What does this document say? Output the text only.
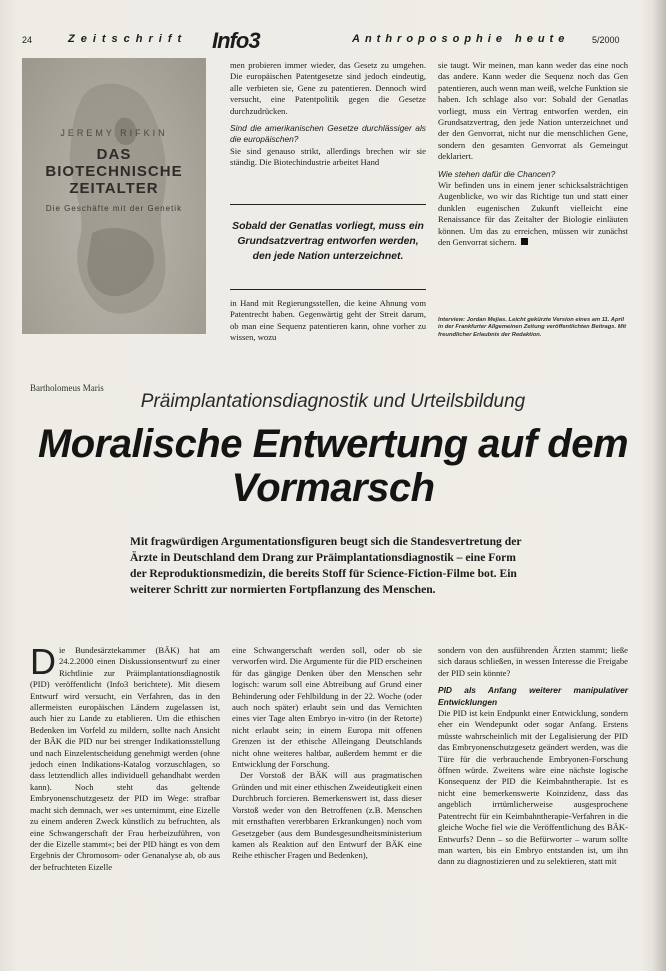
24	Zeitschrift Info3	Anthroposophie heute	5/2000
JEREMY RIFKIN
DAS
BIOTECHNISCHE
ZEITALTER
Die Geschäfte mit der Genetik

men probieren immer wieder, das Gesetz zu umgehen. Die europäischen Patentgesetze sind jedoch eindeutig, alle verbieten sie, Gene zu patentieren. Dennoch wird versucht, eine Patentpolitik gegen die Gesetze durchzudrücken.

Sind die amerikanischen Gesetze durchlässiger als die europäischen?

Sie sind genauso strikt, allerdings brechen wir sie ständig. Die Biotechindustrie arbeitet Hand

Sobald der Genatlas vorliegt, muss ein Grundsatzvertrag entworfen werden, den jede Nation unterzeichnet.

in Hand mit Regierungsstellen, die keine Ahnung vom Patentrecht haben. Gegenwärtig geht der Streit darum, ob man eine Sequenz patentieren kann, ohne vorher zu wissen, wozu

sie taugt. Wir meinen, man kann weder das eine noch das andere. Kann weder die Sequenz noch das Gen patentieren, auch wenn man weiß, welche Funktion sie haben. Ich schlage also vor: Sobald der Genatlas vorliegt, muss ein Vertrag entworfen werden, ein Grundsatzvertrag, den jede Nation unterzeichnet und der den Genvorrat, nicht nur die menschlichen Gene, sondern den gesamten Genvorrat als Gemeingut deklariert.

Wie stehen dafür die Chancen?

Wir befinden uns in einem jener schicksalsträchtigen Augenblicke, wo wir das Richtige tun und statt einer dunklen eugenischen Zukunft vielleicht eine Renaissance für das Zeitalter der Biologie einläuten können. Um das zu erreichen, müssen wir zunächst den Genvorrat sichern.

Interview: Jordan Mejias. Leicht gekürzte Version eines am 11. April in der Frankfurter Allgemeinen Zeitung veröffentlichten Beitrags. Mit freundlicher Erlaubnis der Redaktion.
Bartholomeus Maris
Präimplantationsdiagnostik und Urteilsbildung
Moralische Entwertung auf dem
Vormarsch
Mit fragwürdigen Argumentationsfiguren beugt sich die Standesvertretung der Ärzte in Deutschland dem Drang zur Präimplantationsdiagnostik – eine Form der Reproduktionsmedizin, die bereits Stoff für Science-Fiction-Filme bot. Ein weiterer Schritt zur normierten Fortpflanzung des Menschen.
D ie Bundesärztekammer (BÄK) hat am 24.2.2000 einen Diskussionsentwurf zu einer Richtlinie zur Präimplantationsdiagnostik (PID) veröffentlicht (Info3 berichtete). Mit diesem Entwurf wird versucht, ein Verfahren, das in den allermeisten europäischen Ländern zugelassen ist, auch hier zu Lande zu etablieren. Um die ethischen Bedenken im Vorfeld zu mildern, sollte nach Ansicht der BÄK die PID nur bei strenger Indikationsstellung und nach Einzelentscheidung genehmigt werden (ohne jedoch einen Indikations-Katalog vorzuschlagen, so dass letztendlich alles individuell gehandhabt werden kann). Noch steht das geltende Embryonenschutzgesetz der PID im Wege: strafbar macht sich demnach, wer »es unternimmt, eine Eizelle zu einem anderen Zweck künstlich zu befruchten, als eine Schwangerschaft der Frau herbeizuführen, von der die Eizelle stammt«; bei der PID hängt es von dem Ergebnis der Chromosom- oder Genanalyse ab, ob aus der befruchteten Eizelle

eine Schwangerschaft werden soll, oder ob sie verworfen wird. Die Argumente für die PID erscheinen für das gängige Denken über den Menschen sehr logisch: warum soll eine Abtreibung auf Grund einer Behinderung oder Fehlbildung in der 22. Woche (oder auch noch später) erlaubt sein und das Vernichten eines vier Tage alten Embryo in-vitro (in der Retorte) nicht erlaubt sein; in einem Europa mit offenen Grenzen ist der ethische Alleingang Deutschlands nicht ohne weiteres haltbar, außerdem hemmt er die Entwicklung der Forschung.

Der Vorstoß der BÄK will aus pragmatischen Gründen und mit einer ethischen Zweideutigkeit einen Durchbruch forcieren. Bemerkenswert ist, dass dieser Vorstoß weder von den Betroffenen (z.B. Menschen mit ernsthaften vererbbaren Erkrankungen) noch vom Gesetzgeber (aus dem Bundesgesundheitsministerium kamen als Reaktion auf den Entwurf der BÄK eine Reihe ethischer Fragen und Bedenken),

sondern von den ausführenden Ärzten stammt; ließe sich daraus schließen, in wessen Interesse die Freigabe der PID sein könnte?

PID als Anfang weiterer manipulativer Entwicklungen

Die PID ist kein Endpunkt einer Entwicklung, sondern eher ein Wendepunkt oder sogar Anfang. Erstens müsste wahrscheinlich mit der Legalisierung der PID das Embryonenschutzgesetz geändert werden, was die Türe für die verbrauchende Embryonen-Forschung öffnen würde. Zweitens wäre eine nächste logische Konsequenz der PID die Keimbahntherapie. Ist es nicht eine bemerkenswerte Koinzidenz, dass das angeblich irrtümlicherweise ausgesprochene Patentrecht für ein Keimbahntherapie-Verfahren in die gleiche Woche fiel wie die Veröffentlichung des BÄK-Entwurfs? Denn – so die Befürworter – warum sollte man warten, bis ein Embryo entstanden ist, um ihn dann zu diagnostizieren und zu selektieren, statt mit
